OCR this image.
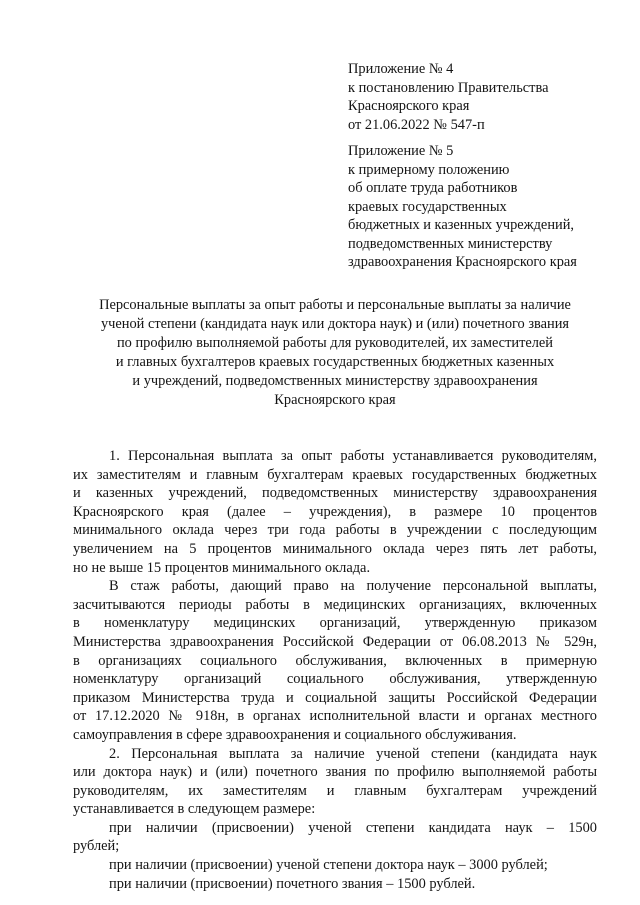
Приложение № 4
к постановлению Правительства
Красноярского края
от 21.06.2022 № 547-п
Приложение № 5
к примерному положению
об оплате труда работников
краевых государственных
бюджетных и казенных учреждений,
подведомственных министерству
здравоохранения Красноярского края
Персональные выплаты за опыт работы и персональные выплаты за наличие
ученой степени (кандидата наук или доктора наук) и (или) почетного звания
по профилю выполняемой работы для руководителей, их заместителей
и главных бухгалтеров краевых государственных бюджетных казенных
и учреждений, подведомственных министерству здравоохранения
Красноярского края
1. Персональная выплата за опыт работы устанавливается руководителям,
их заместителям и главным бухгалтерам краевых государственных бюджетных
и казенных учреждений, подведомственных министерству здравоохранения
Красноярского края (далее – учреждения), в размере 10 процентов
минимального оклада через три года работы в учреждении с последующим
увеличением на 5 процентов минимального оклада через пять лет работы,
но не выше 15 процентов минимального оклада.
В стаж работы, дающий право на получение персональной выплаты,
засчитываются периоды работы в медицинских организациях, включенных
в номенклатуру медицинских организаций, утвержденную приказом
Министерства здравоохранения Российской Федерации от 06.08.2013 № 529н,
в организациях социального обслуживания, включенных в примерную
номенклатуру организаций социального обслуживания, утвержденную
приказом Министерства труда и социальной защиты Российской Федерации
от 17.12.2020 № 918н, в органах исполнительной власти и органах местного
самоуправления в сфере здравоохранения и социального обслуживания.
2. Персональная выплата за наличие ученой степени (кандидата наук
или доктора наук) и (или) почетного звания по профилю выполняемой работы
руководителям, их заместителям и главным бухгалтерам учреждений
устанавливается в следующем размере:
при наличии (присвоении) ученой степени кандидата наук – 1500
рублей;
при наличии (присвоении) ученой степени доктора наук – 3000 рублей;
при наличии (присвоении) почетного звания – 1500 рублей.
